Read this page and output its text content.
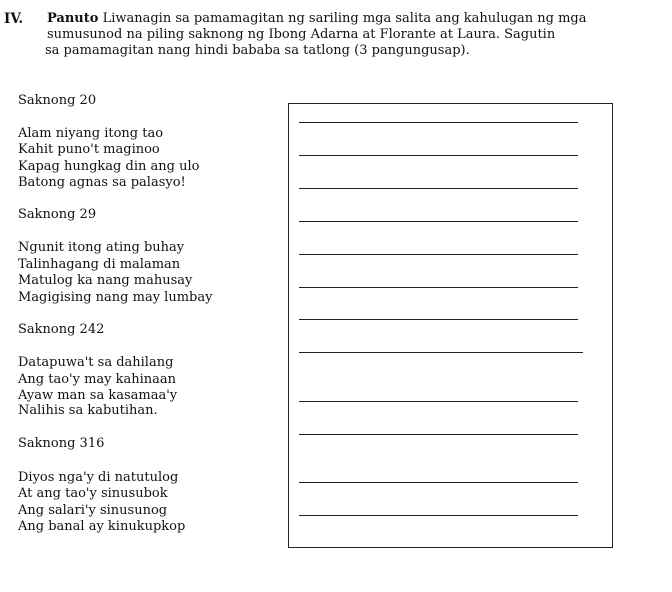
IV. Panuto Liwanagin sa pamamagitan ng sariling mga salita ang kahulugan ng mga
sumusunod na piling saknong ng Ibong Adarna at Florante at Laura. Sagutin
sa pamamagitan nang hindi bababa sa tatlong (3 pangungusap).
Saknong 20
Alam niyang itong tao
Kahit puno't maginoo
Kapag hungkag din ang ulo
Batong agnas sa palasyo!
Saknong 29
Ngunit itong ating buhay
Talinhagang di malaman
Matulog ka nang mahusay
Magigising nang may lumbay
Saknong 242
Datapuwa't sa dahilang
Ang tao'y may kahinaan
Ayaw man sa kasamaa'y
Nalihis sa kabutihan.
Saknong 316
Diyos nga'y di natutulog
At ang tao'y sinusubok
Ang salari'y sinusunog
Ang banal ay kinukupkop
